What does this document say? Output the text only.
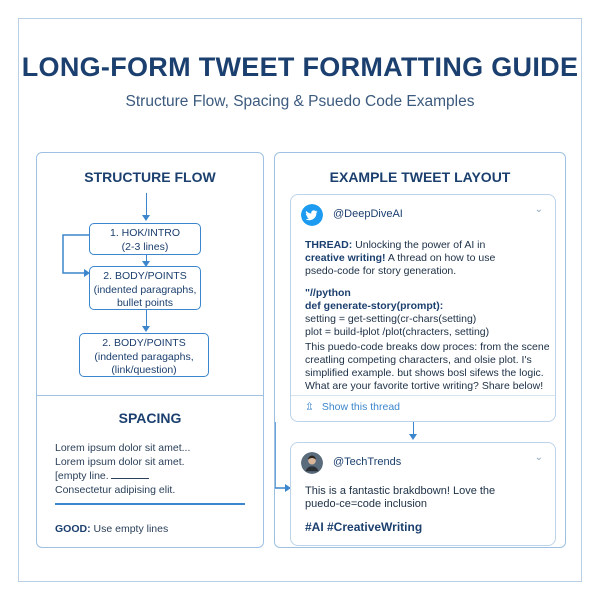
LONG-FORM TWEET FORMATTING GUIDE
Structure Flow, Spacing & Psuedo Code Examples
STRUCTURE FLOW
1. HOK/INTRO
(2-3 lines)
2. BODY/POINTS
(indented paragraphs,
bullet points
2. BODY/POINTS
(indented paragaphs,
(link/question)
SPACING
Lorem ipsum dolor sit amet...
Lorem ipsum dolor sit amet.
[empty line.
Consectetur adipising elit.
GOOD: Use empty lines
EXAMPLE TWEET LAYOUT
@DeepDiveAI	⌄
THREAD: Unlocking the power of AI in
creative writing! A thread on how to use
psedo-code for story generation.
"//python
def generate-story(prompt):
setting = get-setting(cr-chars(setting)
plot = build-Ɨplot /plot(chracters, setting)
This puedo-code breaks dow proces: from the scene
creatling competing characters, and olsie plot. I's
simplified example. but shows bosl sifews the logic.
What are your favorite tortive writing? Share below!
⇫ Show this thread
@TechTrends	⌄
This is a fantastic brakdbown! Love the
puedo-ce=code inclusion
#AI #CreativeWriting
